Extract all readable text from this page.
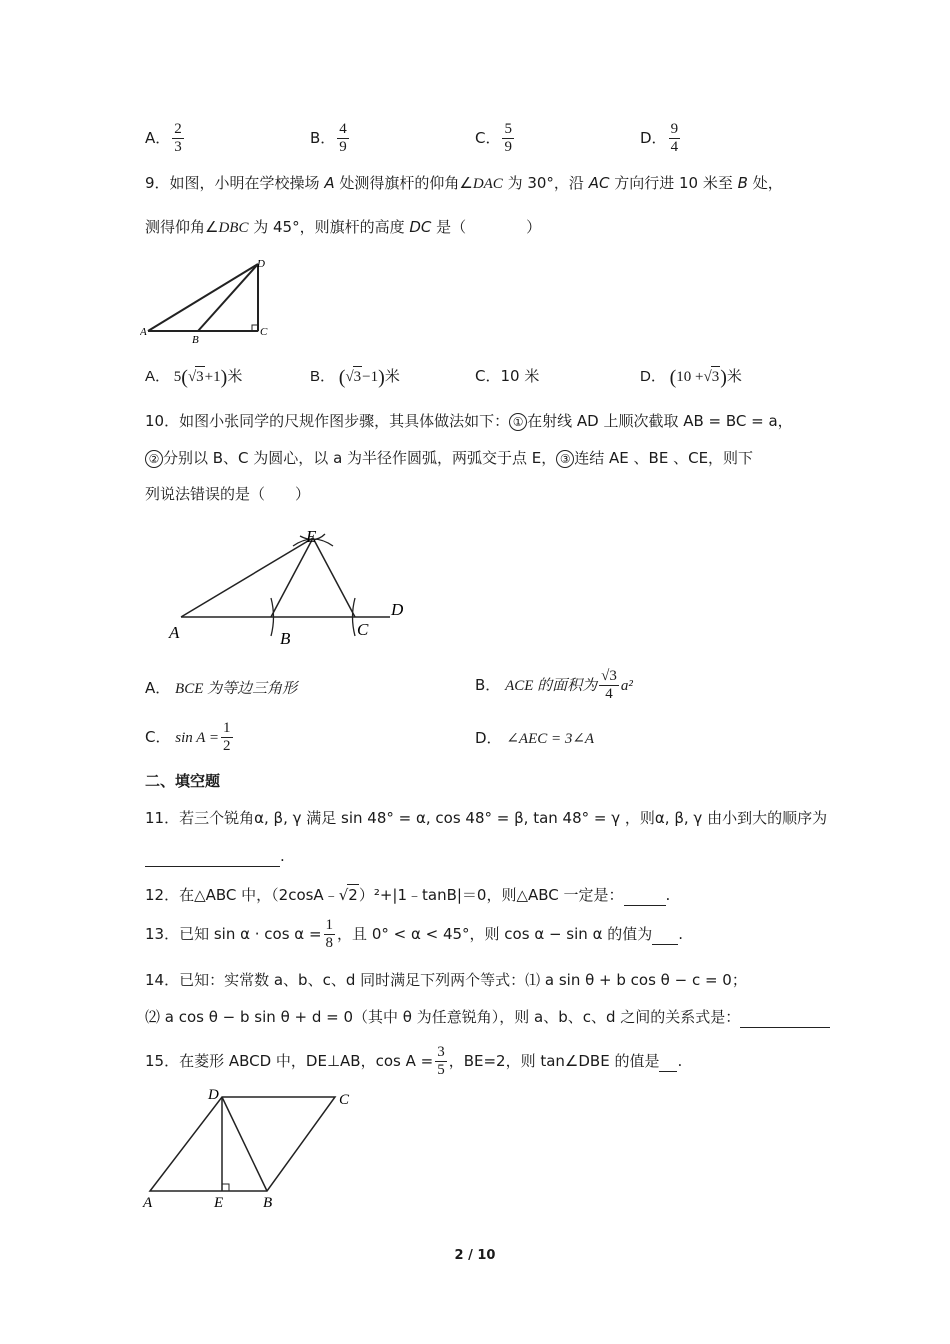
A． $\frac{2}{3}$	B． $\frac{4}{9}$	C． $\frac{5}{9}$	D． $\frac{9}{4}$
9．如图，小明在学校操场 A 处测得旗杆的仰角∠DAC 为 30°，沿 AC 方向行进 10 米至 B 处，
测得仰角∠DBC 为 45°，则旗杆的高度 DC 是（　　　　）
A
B
C
D
A． 5(√3+1)米	B． (√3−1)米	C．10 米	D． (10 +√3)米
10．如图小张同学的尺规作图步骤，其具体做法如下： ① 在射线 AD 上顺次截取 AB = BC = a，
② 分别以 B、C 为圆心，以 a 为半径作圆弧，两弧交于点 E， ③ 连结 AE 、BE 、CE，则下
列说法错误的是（　　）
A	B	C
D
E
A． BCE 为等边三角形	B． ACE 的面积为 $\frac{√3}{4} a^2$
C． $\sin A = \frac{1}{2}$	D． ∠AEC = 3∠A
二、填空题
11．若三个锐角α, β, γ 满足 sin 48° = α, cos 48° = β, tan 48° = γ ，则α, β, γ 由小到大的顺序为
.
12．在△ABC 中，（2cosA﹣√2）²+|1﹣tanB|＝0，则△ABC 一定是：	.
13．已知 $\sin \alpha \cdot \cos \alpha = \frac{1}{8}$ ，且 0° < α < 45°，则 cos α − sin α 的值为 .
14．已知：实常数 a、b、c、d 同时满足下列两个等式：⑴ a sin θ + b cos θ − c = 0；
⑵ a cos θ − b sin θ + d = 0（其中 θ 为任意锐角），则 a、b、c、d 之间的关系式是：
15．在菱形 ABCD 中，DE⊥AB，$\cos A = \frac{3}{5}$ ，BE=2，则 tan∠DBE 的值是 .
A	E	B
C
D
2 / 10
